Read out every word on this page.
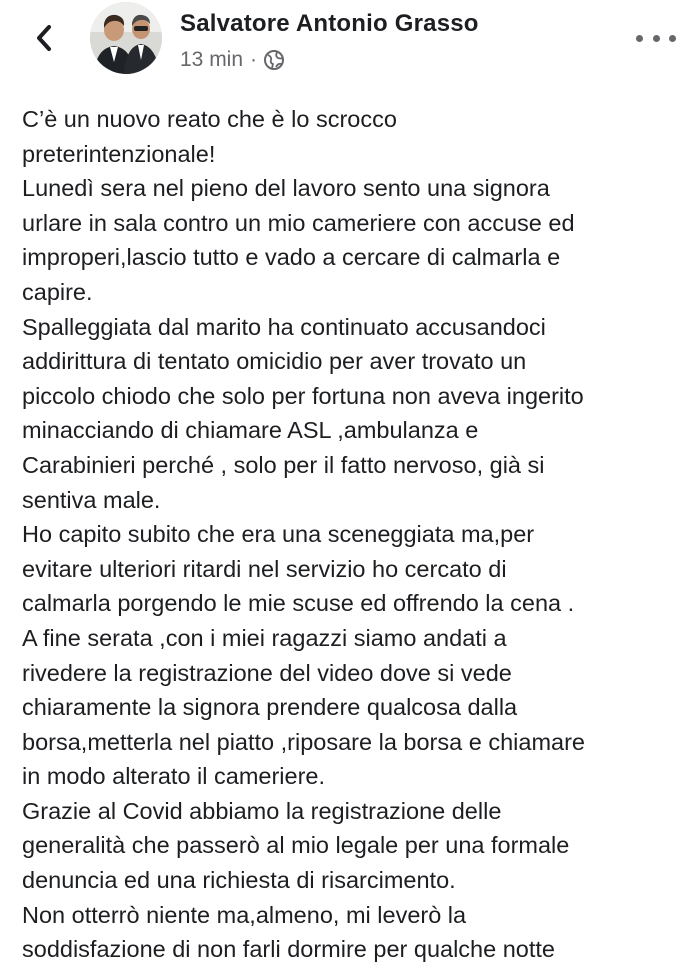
Salvatore Antonio Grasso
13 min ·
C’è un nuovo reato che è lo scrocco
preterintenzionale!
Lunedì sera nel pieno del lavoro sento una signora
urlare in sala contro un mio cameriere con accuse ed
improperi,lascio tutto e vado a cercare di calmarla e
capire.
Spalleggiata dal marito ha continuato accusandoci
addirittura di tentato omicidio per aver trovato un
piccolo chiodo che solo per fortuna non aveva ingerito
minacciando di chiamare ASL ,ambulanza e
Carabinieri perché , solo per il fatto nervoso, già si
sentiva male.
Ho capito subito che era una sceneggiata ma,per
evitare ulteriori ritardi nel servizio ho cercato di
calmarla porgendo le mie scuse ed offrendo la cena .
A fine serata ,con i miei ragazzi siamo andati a
rivedere la registrazione del video dove si vede
chiaramente la signora prendere qualcosa dalla
borsa,metterla nel piatto ,riposare la borsa e chiamare
in modo alterato il cameriere.
Grazie al Covid abbiamo la registrazione delle
generalità che passerò al mio legale per una formale
denuncia ed una richiesta di risarcimento.
Non otterrò niente ma,almeno, mi leverò la
soddisfazione di non farli dormire per qualche notte
